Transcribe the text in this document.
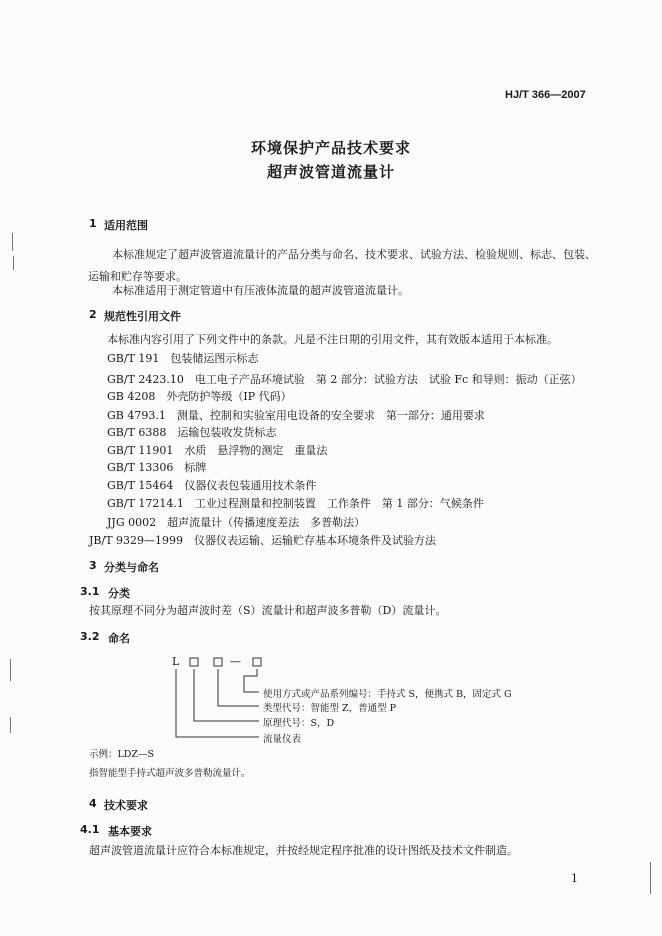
HJ/T 366—2007
环境保护产品技术要求
超声波管道流量计
1 适用范围
本标准规定了超声波管道流量计的产品分类与命名、技术要求、试验方法、检验规则、标志、包装、运输和贮存等要求。
本标准适用于测定管道中有压液体流量的超声波管道流量计。
2 规范性引用文件
本标准内容引用了下列文件中的条款。凡是不注日期的引用文件，其有效版本适用于本标准。
GB/T 191　包装储运图示标志
GB/T 2423.10　电工电子产品环境试验　第 2 部分：试验方法　试验 Fc 和导则：振动（正弦）
GB 4208　外壳防护等级（IP 代码）
GB 4793.1　测量、控制和实验室用电设备的安全要求　第一部分：通用要求
GB/T 6388　运输包装收发货标志
GB/T 11901　水质　悬浮物的测定　重量法
GB/T 13306　标牌
GB/T 15464　仪器仪表包装通用技术条件
GB/T 17214.1　工业过程测量和控制装置　工作条件　第 1 部分：气候条件
JJG 0002　超声流量计（传播速度差法　多普勒法）
JB/T 9329—1999　仪器仪表运输、运输贮存基本环境条件及试验方法
3 分类与命名
3.1 分类
按其原理不同分为超声波时差（S）流量计和超声波多普勒（D）流量计。
3.2 命名
L	—
使用方式或产品系列编号：手持式 S，便携式 B，固定式 G
类型代号：智能型 Z，普通型 P
原理代号：S，D
流量仪表
示例：LDZ—S
指智能型手持式超声波多普勒流量计。
4 技术要求
4.1 基本要求
超声波管道流量计应符合本标准规定，并按经规定程序批准的设计图纸及技术文件制造。
1
